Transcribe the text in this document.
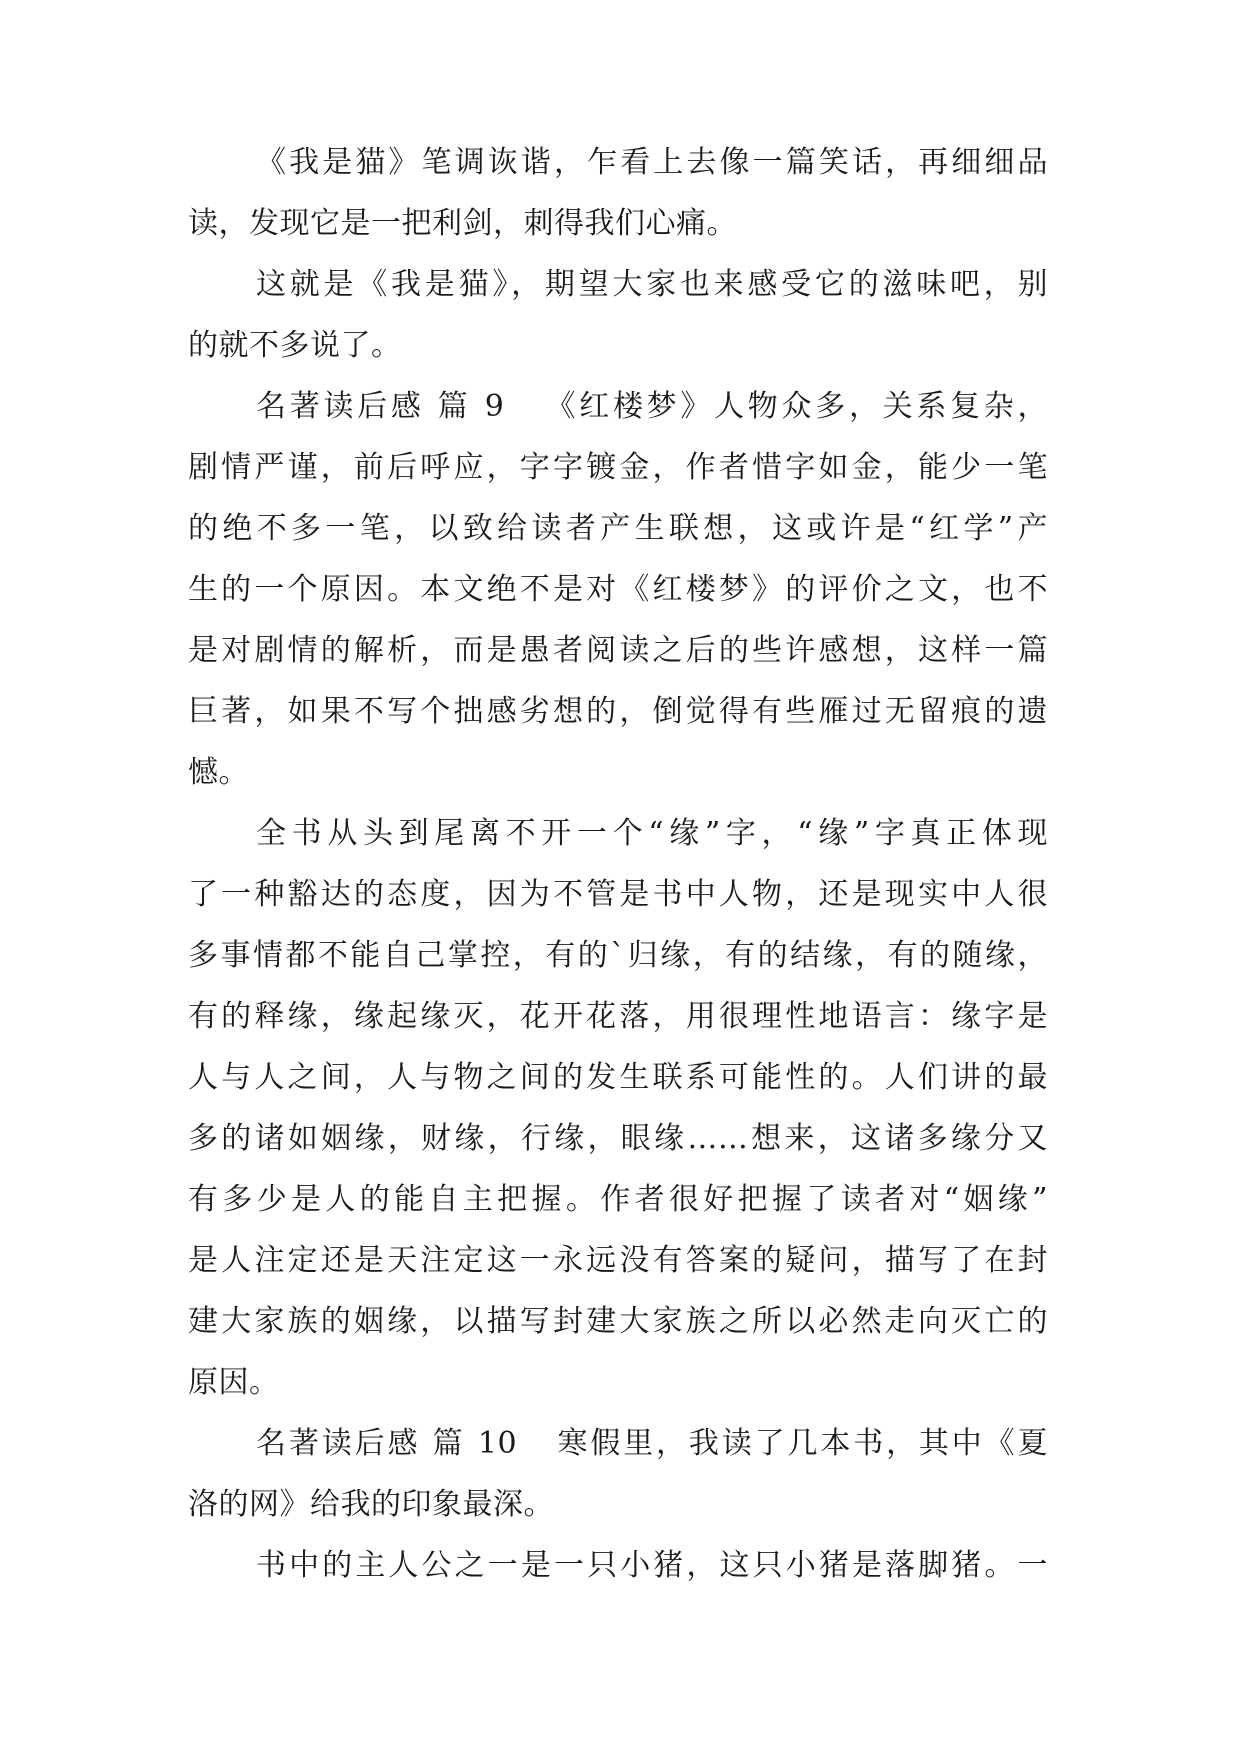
《我是猫》笔调诙谐，乍看上去像一篇笑话，再细细品
读，发现它是一把利剑，刺得我们心痛。
这就是《我是猫》，期望大家也来感受它的滋味吧，别
的就不多说了。
名著读后感 篇 9 《红楼梦》人物众多，关系复杂，
剧情严谨，前后呼应，字字镀金，作者惜字如金，能少一笔
的绝不多一笔，以致给读者产生联想，这或许是“红学”产
生的一个原因。本文绝不是对《红楼梦》的评价之文，也不
是对剧情的解析，而是愚者阅读之后的些许感想，这样一篇
巨著，如果不写个拙感劣想的，倒觉得有些雁过无留痕的遗
憾。
全书从头到尾离不开一个“缘”字，“缘”字真正体现
了一种豁达的态度，因为不管是书中人物，还是现实中人很
多事情都不能自己掌控，有的`归缘，有的结缘，有的随缘，
有的释缘，缘起缘灭，花开花落，用很理性地语言：缘字是
人与人之间，人与物之间的发生联系可能性的。人们讲的最
多的诸如姻缘，财缘，行缘，眼缘……想来，这诸多缘分又
有多少是人的能自主把握。作者很好把握了读者对“姻缘”
是人注定还是天注定这一永远没有答案的疑问，描写了在封
建大家族的姻缘，以描写封建大家族之所以必然走向灭亡的
原因。
名著读后感 篇 10 寒假里，我读了几本书，其中《夏
洛的网》给我的印象最深。
书中的主人公之一是一只小猪，这只小猪是落脚猪。一
